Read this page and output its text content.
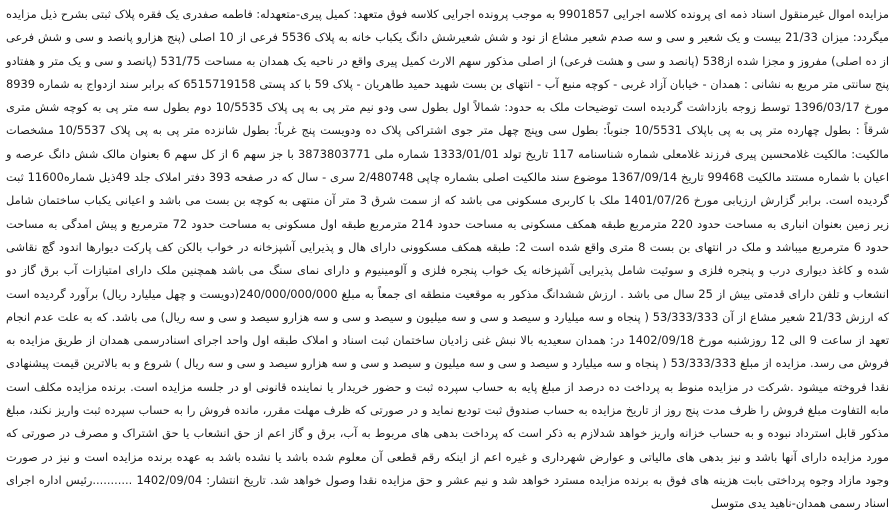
مزایده اموال غیرمنقول اسناد ذمه ای پرونده کلاسه اجرایی 9901857 به موجب پرونده اجرایی کلاسه فوق متعهد: کمیل پیری-متعهدله: فاطمه صفدری یک فقره پلاک ثبتی بشرح ذیل مزایده میگردد: میزان 21/33 بیست و یک شعیر و سی و سه صدم شعیر مشاع از نود و شش شعیرشش دانگ یکباب خانه به پلاک 5536 فرعی از 10 اصلی (پنج هزارو پانصد و سی و شش فرعی از ده اصلی) مفروز و مجزا شده از538 (پانصد و سی و هشت فرعی) از اصلی مذکور سهم الارث کمیل پیری واقع در ناحیه یک همدان به مساحت 531/75 (پانصد و سی و یک متر و هفتادو پنج سانتی متر مربع به نشانی : همدان - خیابان آزاد غربی - کوچه منبع آب - انتهای بن بست شهید حمید طاهریان - پلاک 59 با کد پستی 6515719158 که برابر سند ازدواج به شماره 8939 مورخ 1396/03/17 توسط زوجه بازداشت گردیده است توضیحات ملک به حدود: شمالاً اول بطول سی ودو نیم متر پی به پی پلاک 10/5535 دوم بطول سه متر پی به کوچه شش متری شرقاً : بطول چهارده متر پی به پی باپلاک 10/5531 جنوباً: بطول سی وپنج چهل متر جوی اشتراکی پلاک ده ودویست پنج غرباً: بطول شانزده متر پی به پی پلاک 10/5537 مشخصات مالکیت: مالکیت غلامحسین پیری فرزند غلامعلی شماره شناسنامه 117 تاریخ تولد 1333/01/01 شماره ملی 3873803771 با جز سهم 6 از کل سهم 6 بعنوان مالک شش دانگ عرصه و اعیان با شماره مستند مالکیت 99468 تاریخ 1367/09/14 موضوع سند مالکیت اصلی بشماره چاپی 2/480748 سری - سال که در صفحه 393 دفتر املاک جلد 49ذیل شماره11600 ثبت گردیده است. برابر گزارش ارزیابی مورخ 1401/07/26 ملک با کاربری مسکونی می باشد که از سمت شرق 3 متر آن منتهی به کوچه بن بست می باشد و اعیانی یکباب ساختمان شامل زیر زمین بعنوان انباری به مساحت حدود 220 مترمربع طبقه همکف مسکونی به مساحت حدود 214 مترمربع طبقه اول مسکونی به مساحت حدود 72 مترمربع و پیش امدگی به مساحت حدود 6 مترمربع میباشد و ملک در انتهای بن بست 8 متری واقع شده است 2: طبقه همکف مسکوونی دارای هال و پذیرایی آشپزخانه در خواب بالکن کف پارکت دیوارها اندود گچ نقاشی شده و کاغذ دیواری درب و پنجره فلزی و سوئیت شامل پذیرایی آشپزخانه یک خواب پنجره فلزی و آلومینیوم و دارای نمای سنگ می باشد همچنین ملک دارای امتیازات آب برق گاز دو انشعاب و تلفن دارای قدمتی بیش از 25 سال می باشد . ارزش ششدانگ مذکور به موقعیت منطقه ای جمعاً به مبلغ 240/000/000/000(دویست و چهل میلیارد ریال) برآورد گردیده است که ارزش 21/33 شعیر مشاع از آن 53/333/333 ( پنجاه و سه میلیارد و سیصد و سی و سه میلیون و سیصد و سی و سه هزارو سیصد و سی و سه ریال) می باشد. که به علت عدم انجام تعهد از ساعت 9 الی 12 روزشنبه مورخ 1402/09/18 در: همدان سعیدیه بالا نبش غنی زادیان ساختمان ثبت اسناد و املاک طبقه اول واحد اجرای اسنادرسمی همدان از طریق مزایده به فروش می رسد. مزایده از مبلغ 53/333/333 ( پنجاه و سه میلیارد و سیصد و سی و سه میلیون و سیصد و سی و سه هزارو سیصد و سی و سه ریال ) شروع و به بالاترین قیمت پیشنهادی نقدا فروخته میشود .شرکت در مزایده منوط به پرداخت ده درصد از مبلغ پایه به حساب سپرده ثبت و حضور خریدار یا نماینده قانونی او در جلسه مزایده است. برنده مزایده مکلف است مابه التفاوت مبلغ فروش را ظرف مدت پنج روز از تاریخ مزایده به حساب صندوق ثبت تودیع نماید و در صورتی که ظرف مهلت مقرر، مانده فروش را به حساب سپرده ثبت واریز نکند، مبلغ مذکور قابل استرداد نبوده و به حساب خزانه واریز خواهد شدلازم به ذکر است که پرداخت بدهی های مربوط به آب، برق و گاز اعم از حق انشعاب یا حق اشتراک و مصرف در صورتی که مورد مزایده دارای آنها باشد و نیز بدهی های مالیاتی و عوارض شهرداری و غیره اعم از اینکه رقم قطعی آن معلوم شده باشد یا نشده باشد به عهده برنده مزایده است و نیز در صورت وجود مازاد وجوه پرداختی بابت هزینه های فوق به برنده مزایده مسترد خواهد شد و نیم عشر و حق مزایده نقدا وصول خواهد شد. تاریخ انتشار: 1402/09/04 ...........رئیس اداره اجرای اسناد رسمی همدان-ناهید یدی متوسل
